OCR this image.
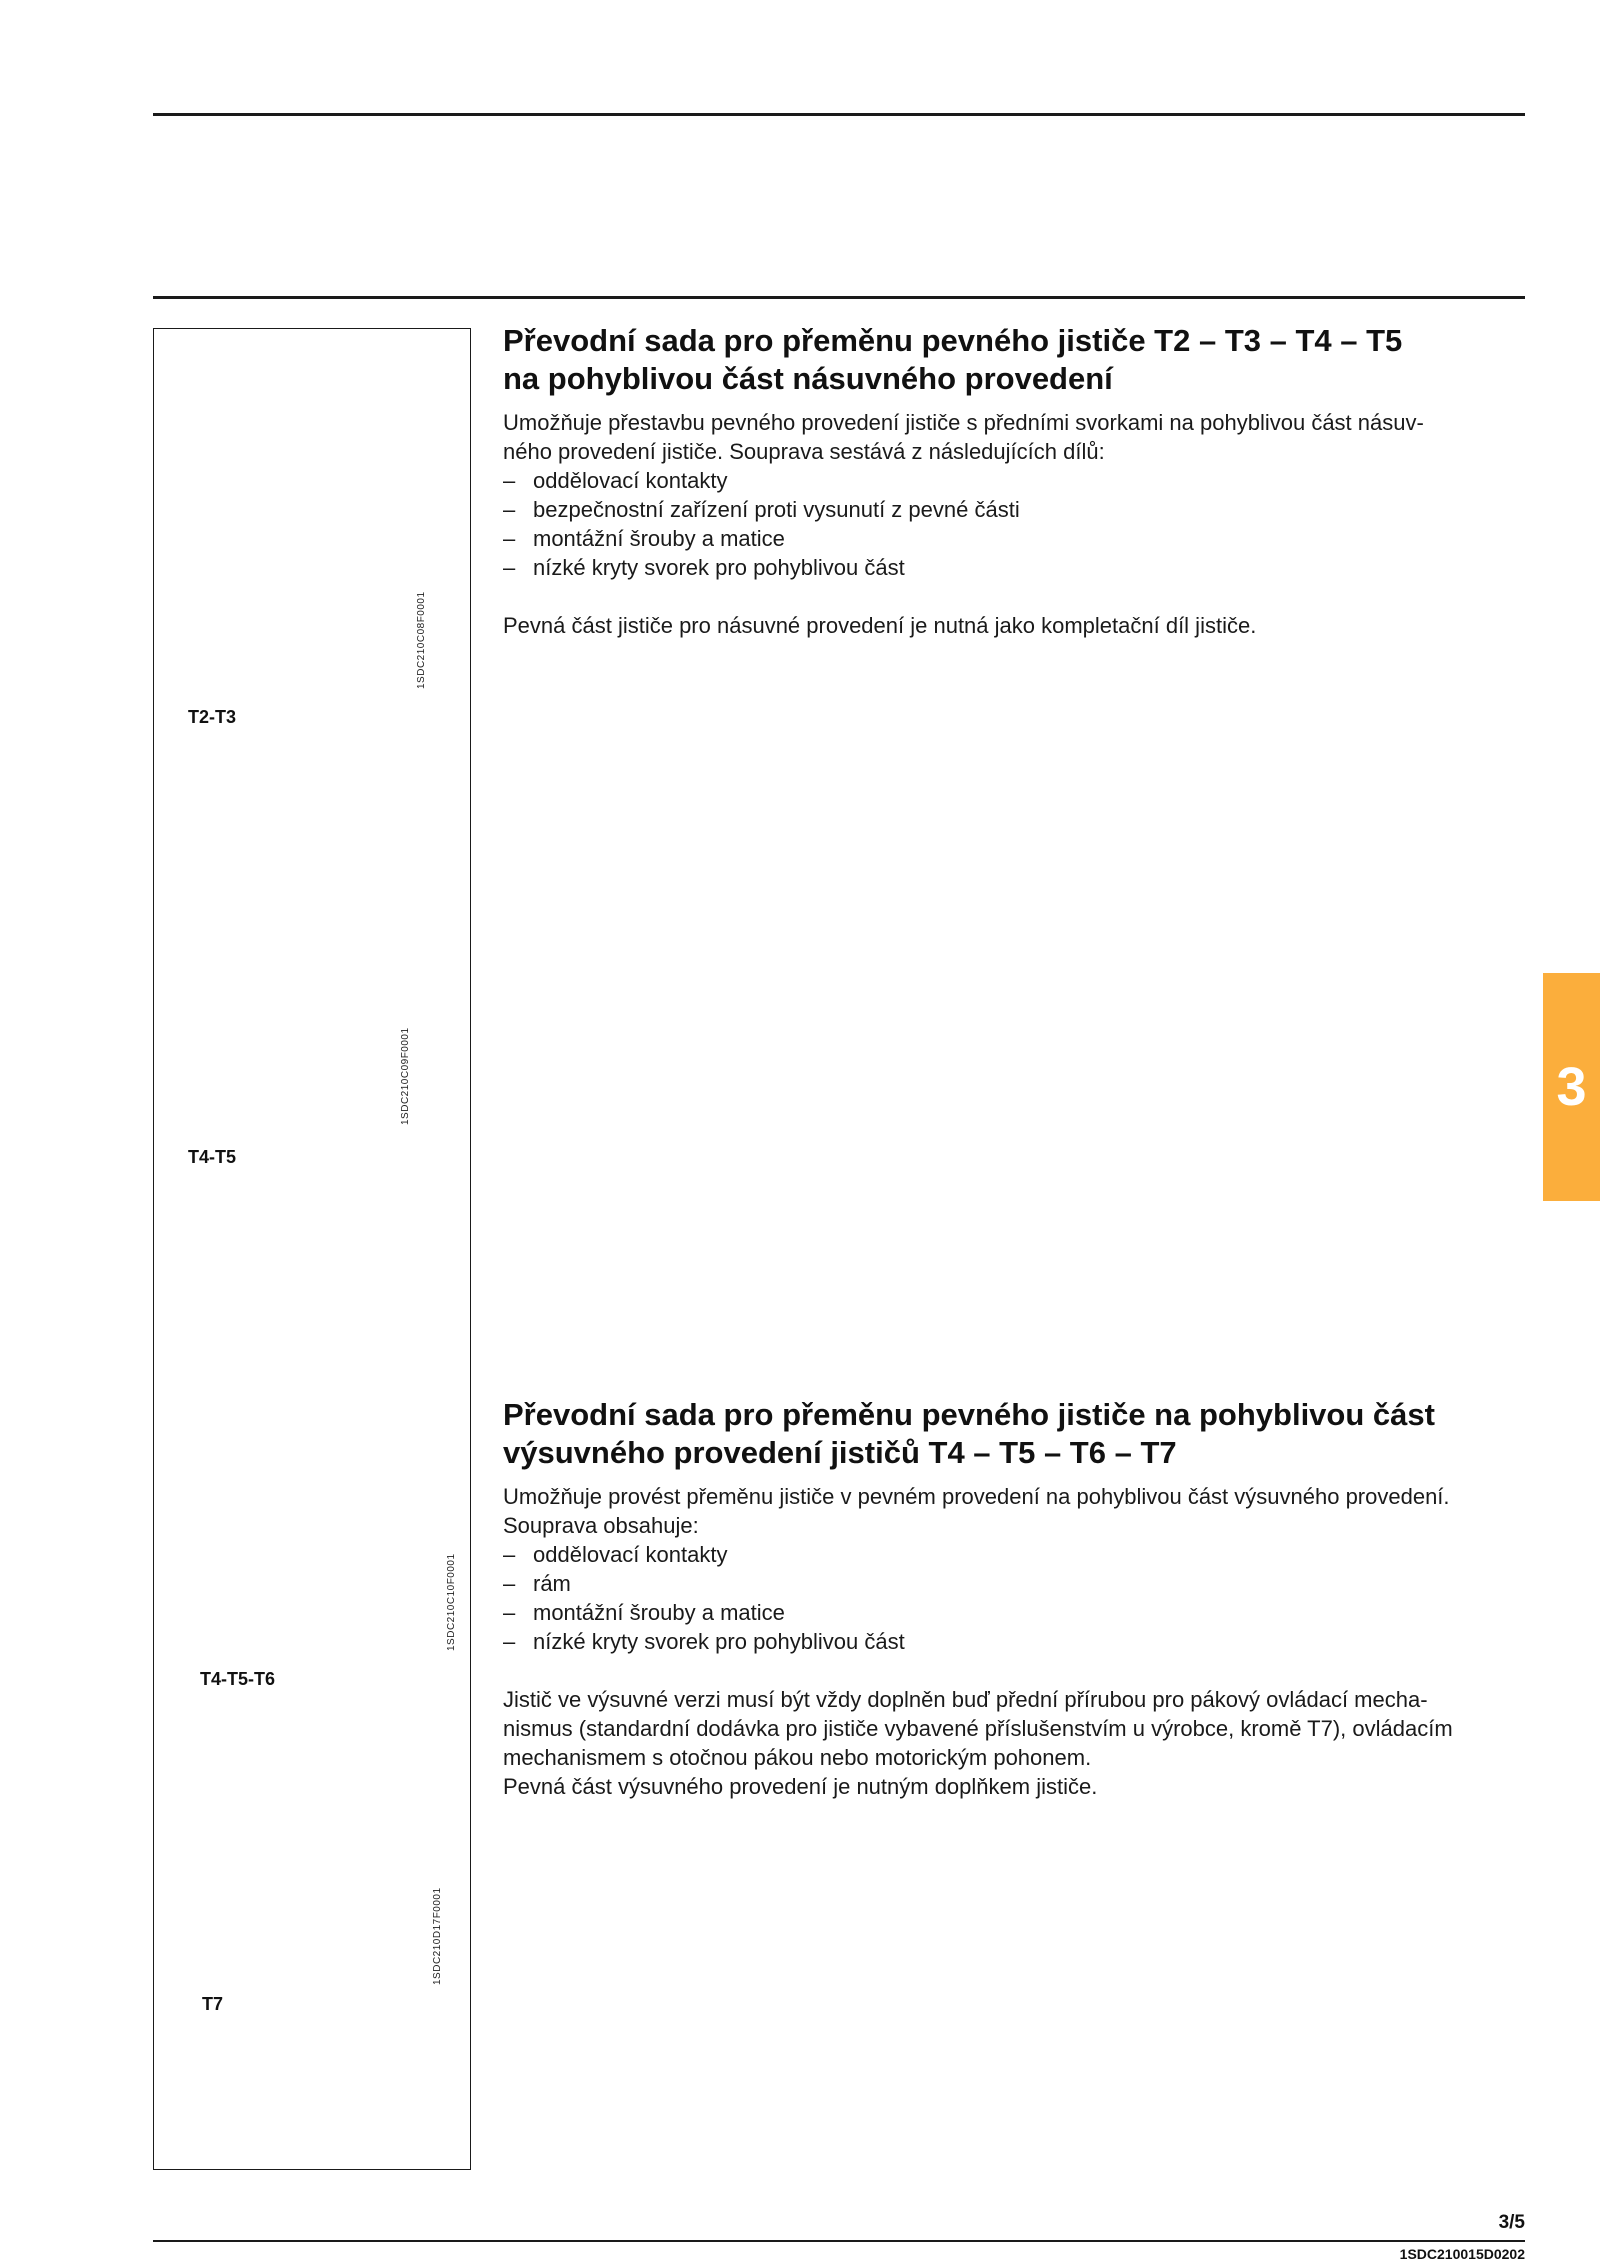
1SDC210C08F0001
T2-T3
1SDC210C09F0001
T4-T5
1SDC210C10F0001
T4-T5-T6
1SDC210D17F0001
T7
Převodní sada pro přeměnu pevného jističe T2 – T3 – T4 – T5
na pohyblivou část násuvného provedení

Umožňuje přestavbu pevného provedení jističe s předními svorkami na pohyblivou část násuv-
ného provedení jističe. Souprava sestává z následujících dílů:

– oddělovací kontakty
– bezpečnostní zařízení proti vysunutí z pevné části
– montážní šrouby a matice
– nízké kryty svorek pro pohyblivou část

Pevná část jističe pro násuvné provedení je nutná jako kompletační díl jističe.

Převodní sada pro přeměnu pevného jističe na pohyblivou část
výsuvného provedení jističů T4 – T5 – T6 – T7

Umožňuje provést přeměnu jističe v pevném provedení na pohyblivou část výsuvného provedení.
Souprava obsahuje:

– oddělovací kontakty
– rám
– montážní šrouby a matice
– nízké kryty svorek pro pohyblivou část

Jistič ve výsuvné verzi musí být vždy doplněn buď přední přírubou pro pákový ovládací mecha-
nismus (standardní dodávka pro jističe vybavené příslušenstvím u výrobce, kromě T7), ovládacím
mechanismem s otočnou pákou nebo motorickým pohonem.
Pevná část výsuvného provedení je nutným doplňkem jističe.

3
3/5
1SDC210015D0202
